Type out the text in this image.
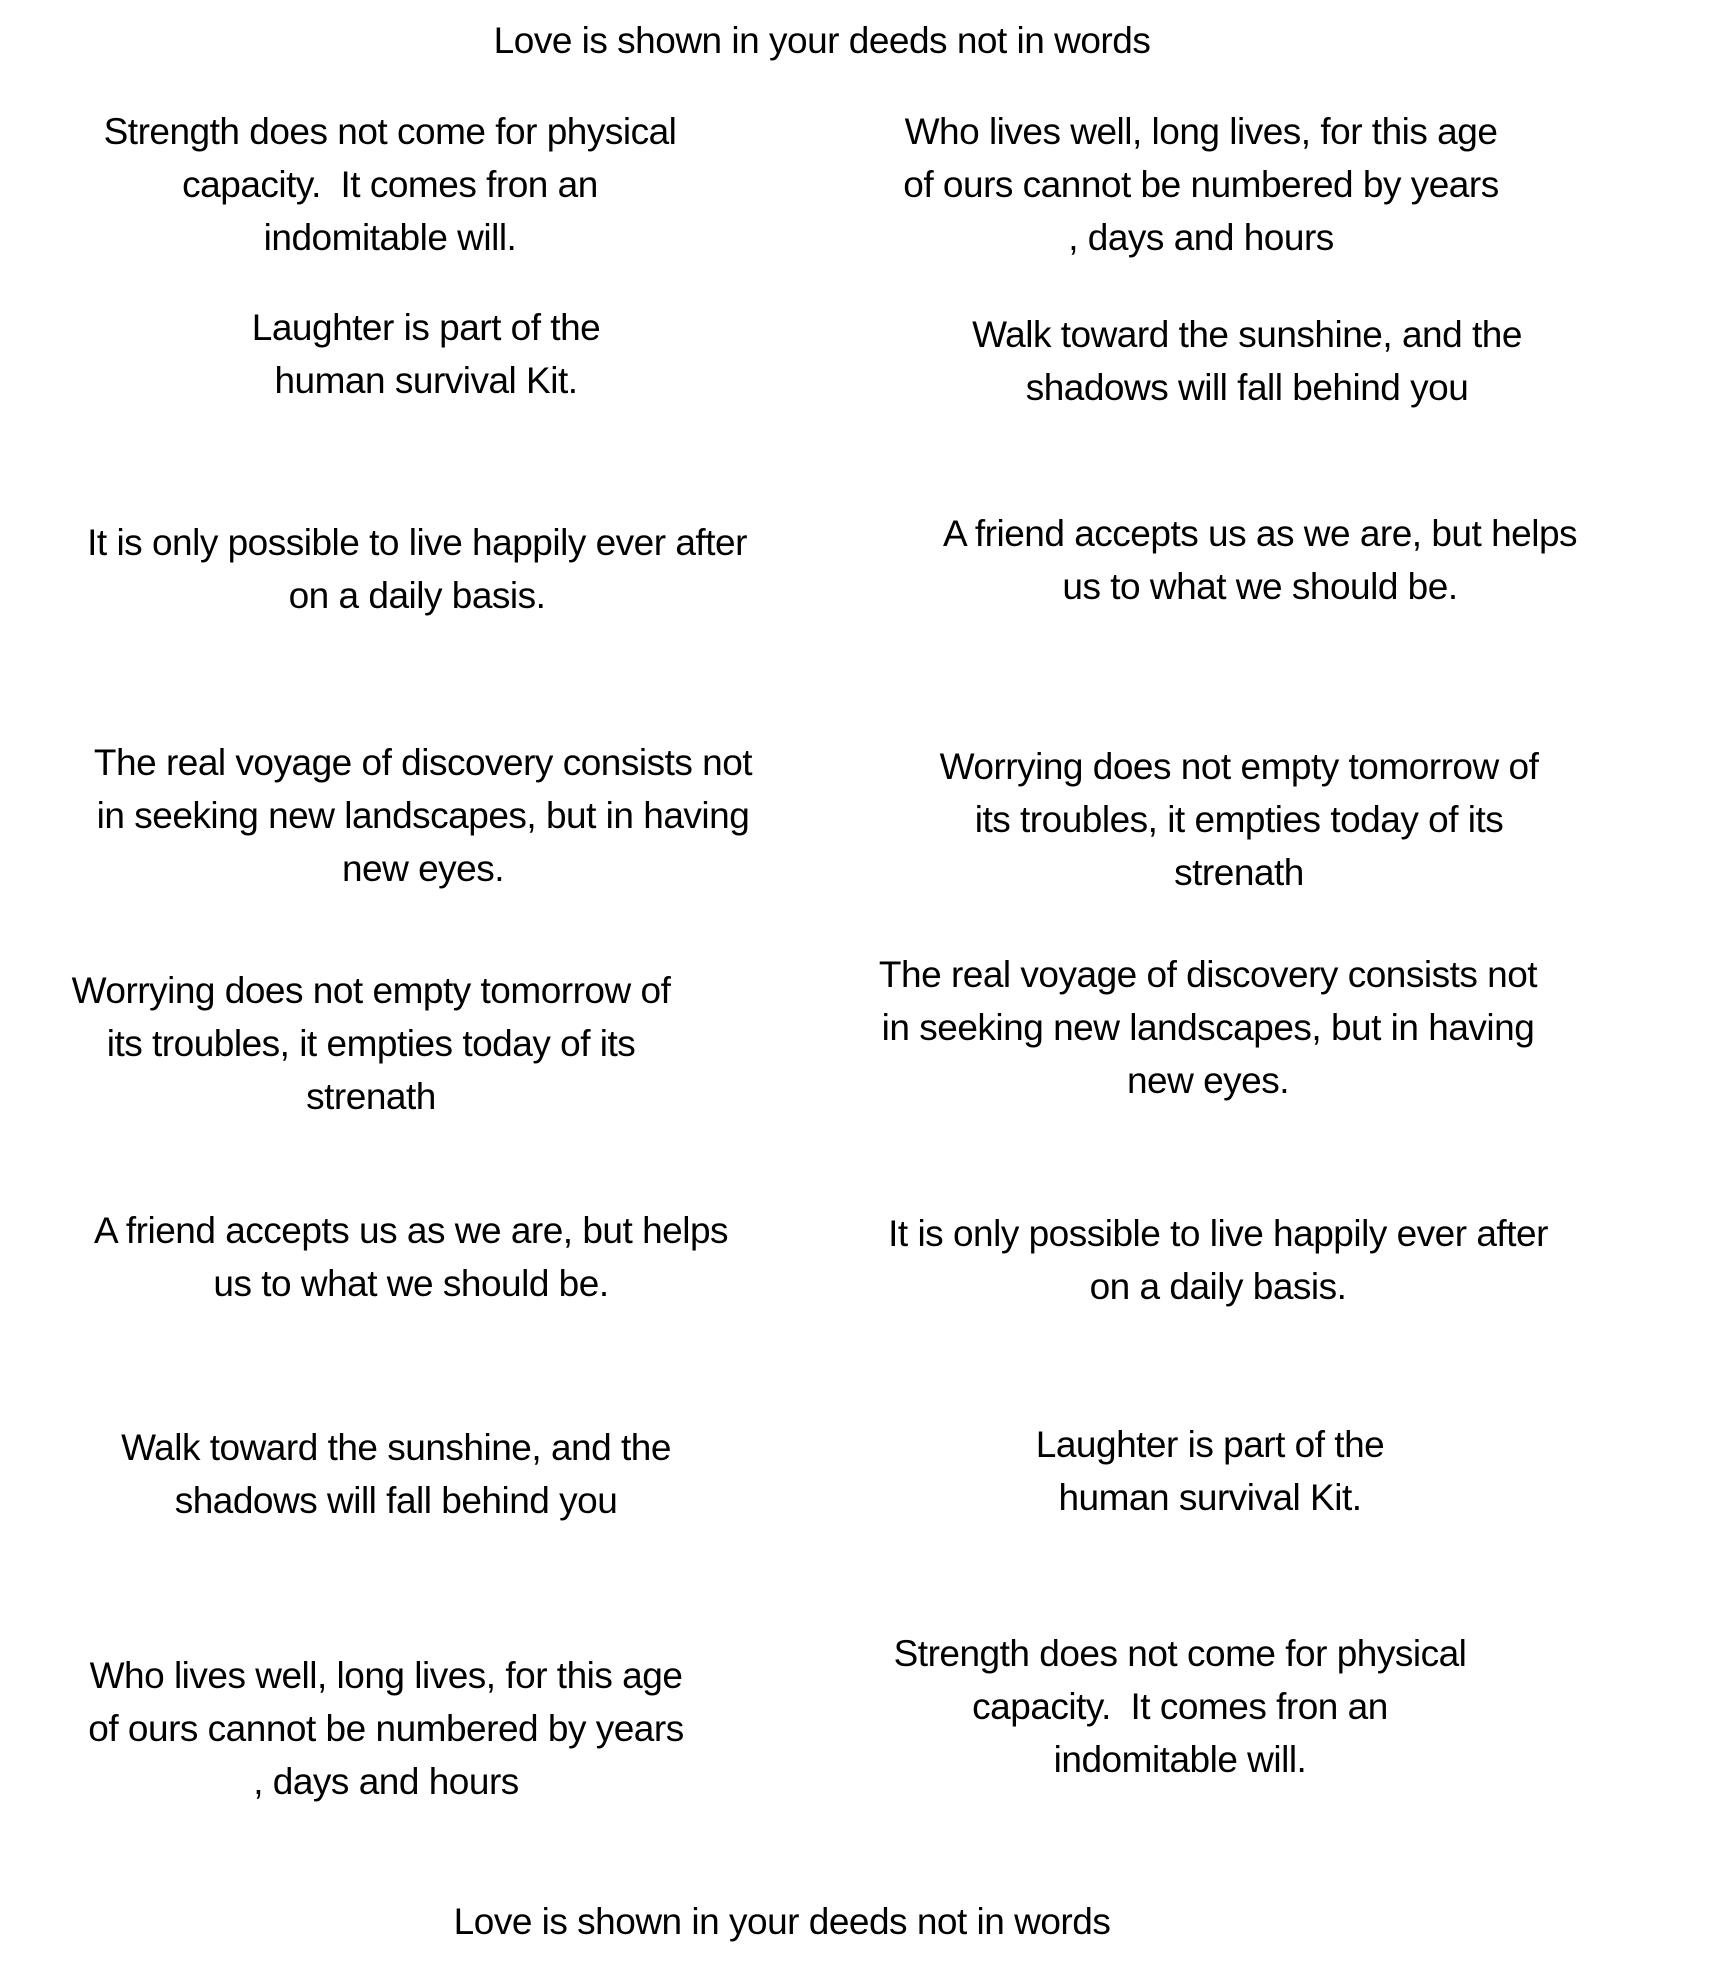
Love is shown in your deeds not in words
Strength does not come for physical
capacity.  It comes fron an
indomitable will.
Who lives well, long lives, for this age
of ours cannot be numbered by years
, days and hours
Laughter is part of the
human survival Kit.
Walk toward the sunshine, and the
shadows will fall behind you
It is only possible to live happily ever after
on a daily basis.
A friend accepts us as we are, but helps
us to what we should be.
The real voyage of discovery consists not
in seeking new landscapes, but in having
new eyes.
Worrying does not empty tomorrow of
its troubles, it empties today of its
strenath
Worrying does not empty tomorrow of
its troubles, it empties today of its
strenath
The real voyage of discovery consists not
in seeking new landscapes, but in having
new eyes.
A friend accepts us as we are, but helps
us to what we should be.
It is only possible to live happily ever after
on a daily basis.
Walk toward the sunshine, and the
shadows will fall behind you
Laughter is part of the
human survival Kit.
Who lives well, long lives, for this age
of ours cannot be numbered by years
, days and hours
Strength does not come for physical
capacity.  It comes fron an
indomitable will.
Love is shown in your deeds not in words
